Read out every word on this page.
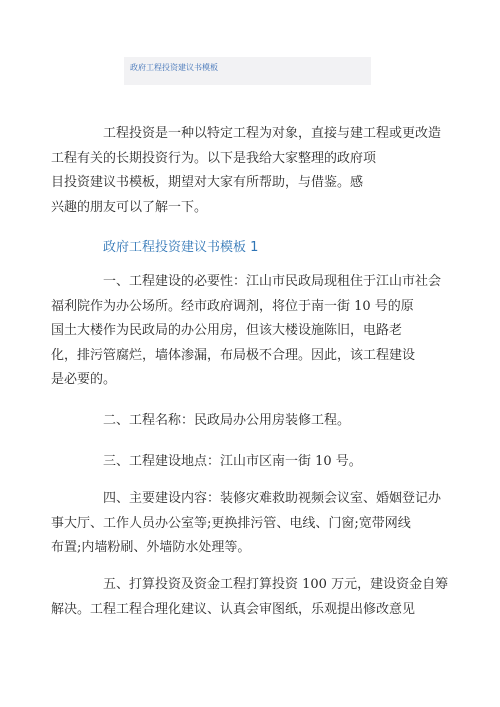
政府工程投资建议书模板
　　工程投资是一种以特定工程为对象，直接与建工程或更改造
工程有关的长期投资行为。以下是我给大家整理的政府项
目投资建议书模板，期望对大家有所帮助，与借鉴。感
兴趣的朋友可以了解一下。
　　政府工程投资建议书模板 1
　　一、工程建设的必要性：江山市民政局现租住于江山市社会
福利院作为办公场所。经市政府调剂，将位于南一街 10 号的原
国土大楼作为民政局的办公用房，但该大楼设施陈旧，电路老
化，排污管腐烂，墙体渗漏，布局极不合理。因此，该工程建设
是必要的。
　　二、工程名称：民政局办公用房装修工程。
　　三、工程建设地点：江山市区南一街 10 号。
　　四、主要建设内容：装修灾难救助视频会议室、婚姻登记办
事大厅、工作人员办公室等;更换排污管、电线、门窗;宽带网线
布置;内墙粉刷、外墙防水处理等。
　　五、打算投资及资金工程打算投资 100 万元，建设资金自筹
解决。工程工程合理化建议、认真会审图纸，乐观提出修改意见
